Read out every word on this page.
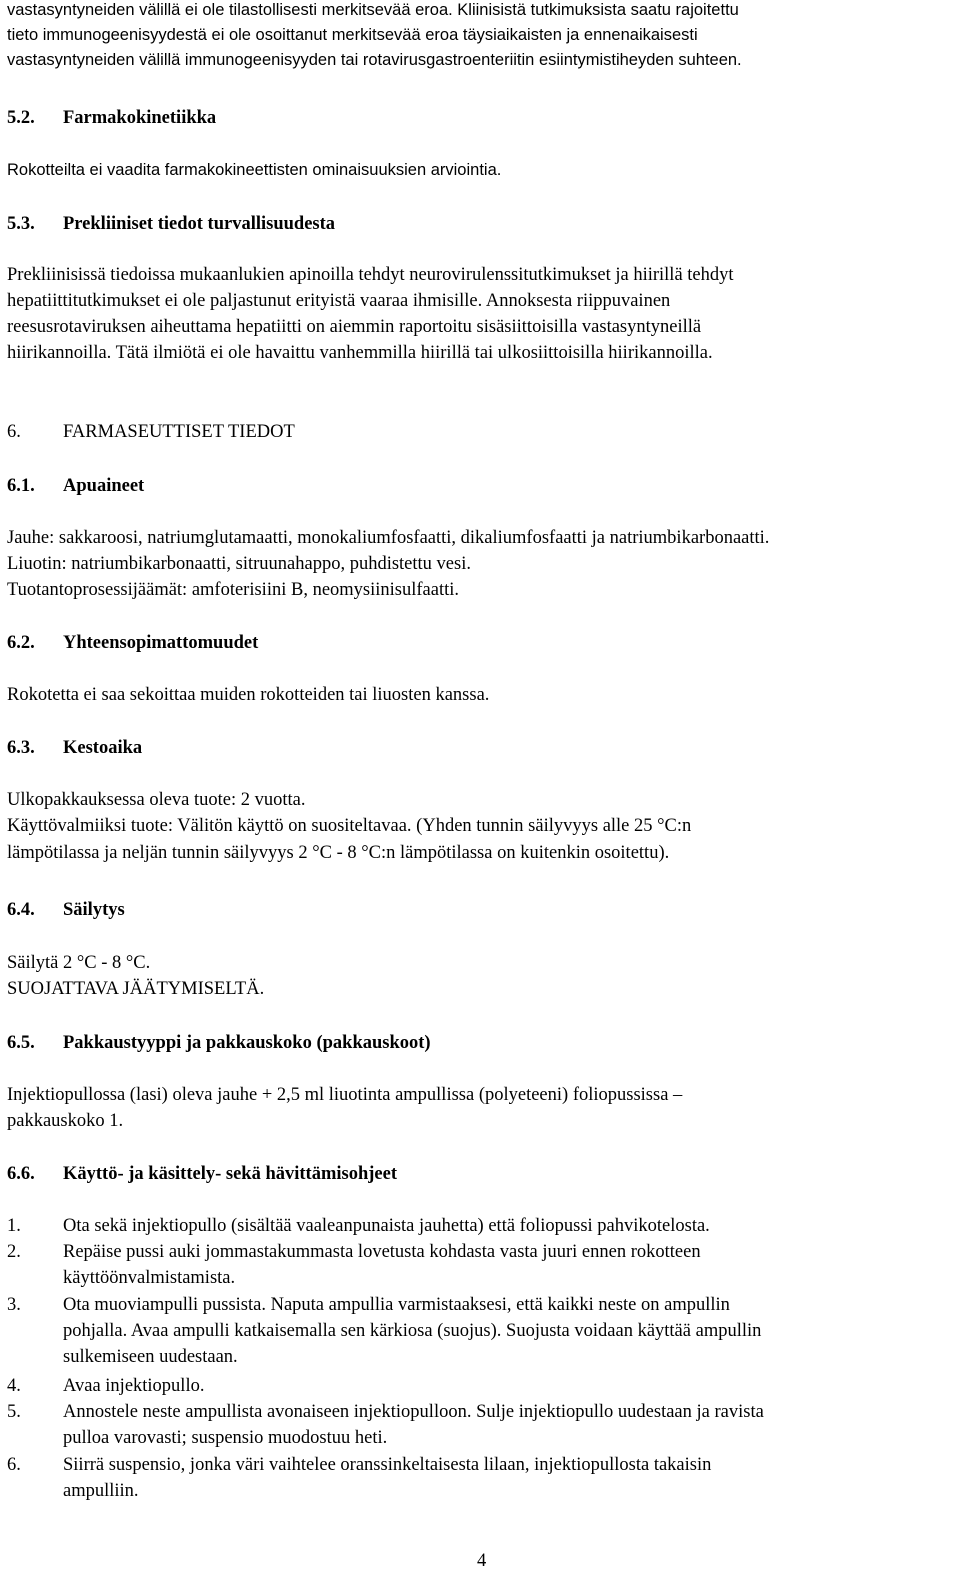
vastasyntyneiden välillä ei ole tilastollisesti merkitsevää eroa. Kliinisistä tutkimuksista saatu rajoitettu
tieto immunogeenisyydestä ei ole osoittanut merkitsevää eroa täysiaikaisten ja ennenaikaisesti
vastasyntyneiden välillä immunogeenisyyden tai rotavirusgastroenteriitin esiintymistiheyden suhteen.
5.2. Farmakokinetiikka
Rokotteilta ei vaadita farmakokineettisten ominaisuuksien arviointia.
5.3. Prekliiniset tiedot turvallisuudesta
Prekliinisissä tiedoissa mukaanlukien apinoilla tehdyt neurovirulenssitutkimukset ja hiirillä tehdyt
hepatiittitutkimukset ei ole paljastunut erityistä vaaraa ihmisille. Annoksesta riippuvainen
reesusrotaviruksen aiheuttama hepatiitti on aiemmin raportoitu sisäsiittoisilla vastasyntyneillä
hiirikannoilla. Tätä ilmiötä ei ole havaittu vanhemmilla hiirillä tai ulkosiittoisilla hiirikannoilla.
6. FARMASEUTTISET TIEDOT
6.1. Apuaineet
Jauhe: sakkaroosi, natriumglutamaatti, monokaliumfosfaatti, dikaliumfosfaatti ja natriumbikarbonaatti.
Liuotin: natriumbikarbonaatti, sitruunahappo, puhdistettu vesi.
Tuotantoprosessijäämät: amfoterisiini B, neomysiinisulfaatti.
6.2. Yhteensopimattomuudet
Rokotetta ei saa sekoittaa muiden rokotteiden tai liuosten kanssa.
6.3. Kestoaika
Ulkopakkauksessa oleva tuote: 2 vuotta.
Käyttövalmiiksi tuote: Välitön käyttö on suositeltavaa. (Yhden tunnin säilyvyys alle 25 °C:n
lämpötilassa ja neljän tunnin säilyvyys 2 °C - 8 °C:n lämpötilassa on kuitenkin osoitettu).
6.4. Säilytys
Säilytä 2 °C - 8 °C.
SUOJATTAVA JÄÄTYMISELTÄ.
6.5. Pakkaustyyppi ja pakkauskoko (pakkauskoot)
Injektiopullossa (lasi) oleva jauhe + 2,5 ml liuotinta ampullissa (polyeteeni) foliopussissa –
pakkauskoko 1.
6.6. Käyttö- ja käsittely- sekä hävittämisohjeet
1. Ota sekä injektiopullo (sisältää vaaleanpunaista jauhetta) että foliopussi pahvikotelosta.
2. Repäise pussi auki jommastakummasta lovetusta kohdasta vasta juuri ennen rokotteen
käyttöönvalmistamista.
3. Ota muoviampulli pussista. Naputa ampullia varmistaaksesi, että kaikki neste on ampullin
pohjalla. Avaa ampulli katkaisemalla sen kärkiosa (suojus). Suojusta voidaan käyttää ampullin
sulkemiseen uudestaan.
4. Avaa injektiopullo.
5. Annostele neste ampullista avonaiseen injektiopulloon. Sulje injektiopullo uudestaan ja ravista
pulloa varovasti; suspensio muodostuu heti.
6. Siirrä suspensio, jonka väri vaihtelee oranssinkeltaisesta lilaan, injektiopullosta takaisin
ampulliin.
4
